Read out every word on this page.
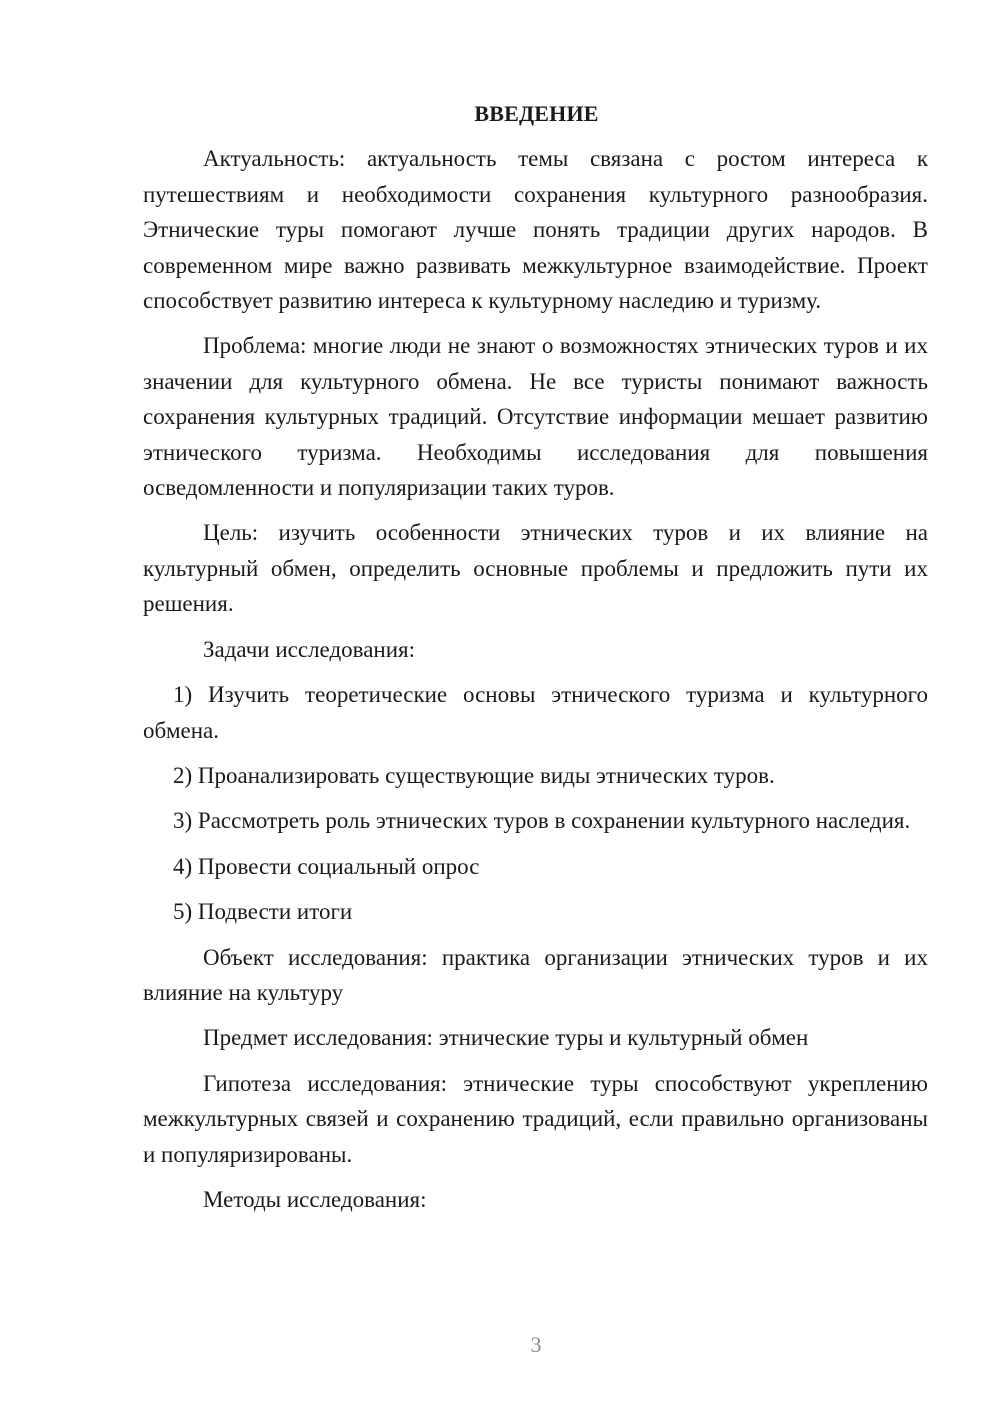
ВВЕДЕНИЕ
Актуальность: актуальность темы связана с ростом интереса к путешествиям и необходимости сохранения культурного разнообразия. Этнические туры помогают лучше понять традиции других народов. В современном мире важно развивать межкультурное взаимодействие. Проект способствует развитию интереса к культурному наследию и туризму.
Проблема: многие люди не знают о возможностях этнических туров и их значении для культурного обмена. Не все туристы понимают важность сохранения культурных традиций. Отсутствие информации мешает развитию этнического туризма. Необходимы исследования для повышения осведомленности и популяризации таких туров.
Цель: изучить особенности этнических туров и их влияние на культурный обмен, определить основные проблемы и предложить пути их решения.
Задачи исследования:
1) Изучить теоретические основы этнического туризма и культурного обмена.
2) Проанализировать существующие виды этнических туров.
3) Рассмотреть роль этнических туров в сохранении культурного наследия.
4) Провести социальный опрос
5) Подвести итоги
Объект исследования: практика организации этнических туров и их влияние на культуру
Предмет исследования: этнические туры и культурный обмен
Гипотеза исследования: этнические туры способствуют укреплению межкультурных связей и сохранению традиций, если правильно организованы и популяризированы.
Методы исследования:
3
